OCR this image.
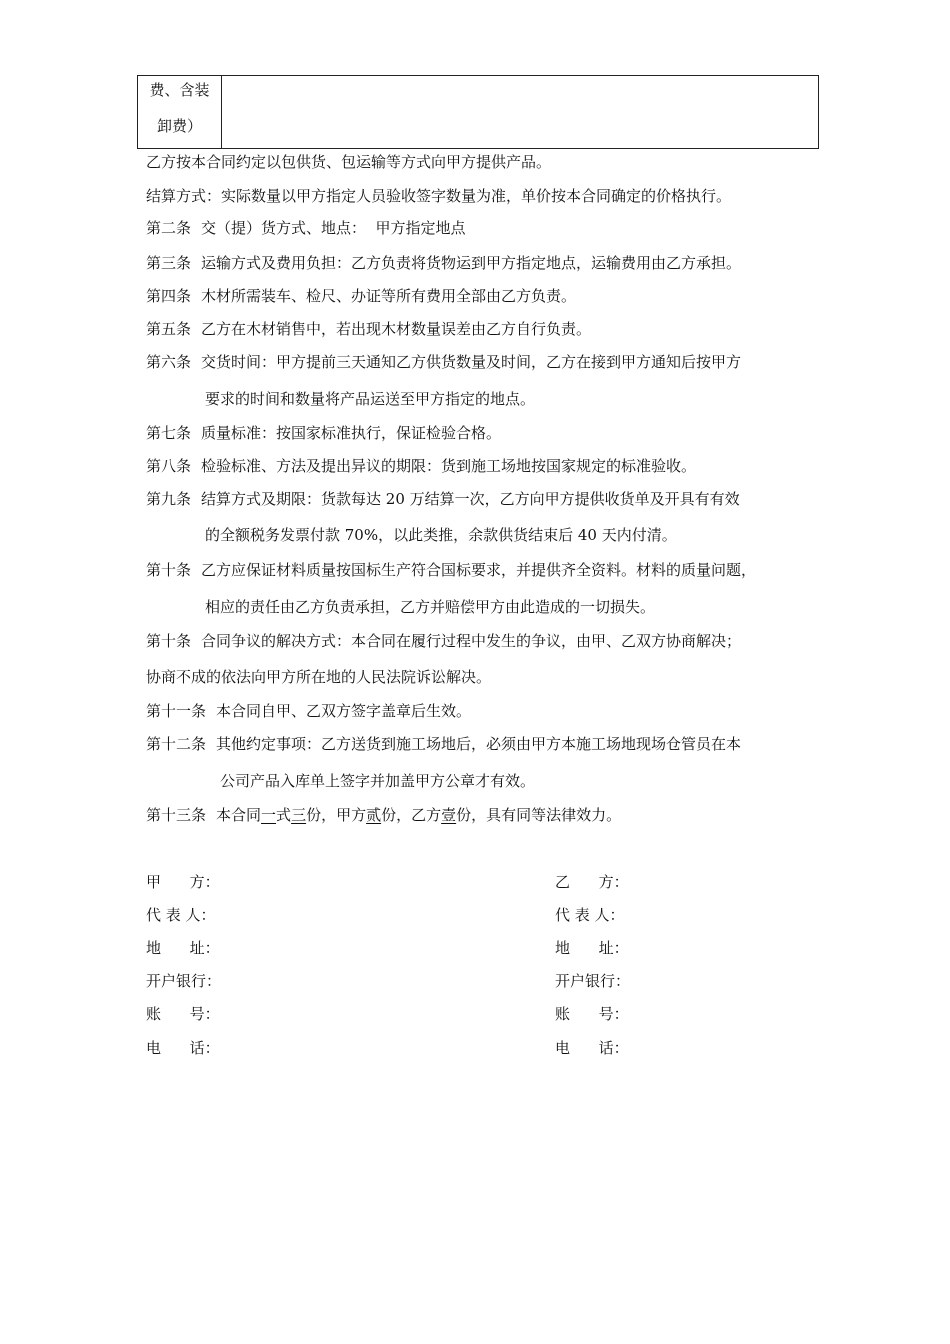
费、含装
卸费）
乙方按本合同约定以包供货、包运输等方式向甲方提供产品。
结算方式：实际数量以甲方指定人员验收签字数量为准，单价按本合同确定的价格执行。
第二条 交（提）货方式、地点：  甲方指定地点
第三条 运输方式及费用负担：乙方负责将货物运到甲方指定地点，运输费用由乙方承担。
第四条 木材所需装车、检尺、办证等所有费用全部由乙方负责。
第五条 乙方在木材销售中，若出现木材数量误差由乙方自行负责。
第六条 交货时间：甲方提前三天通知乙方供货数量及时间，乙方在接到甲方通知后按甲方
要求的时间和数量将产品运送至甲方指定的地点。
第七条 质量标准：按国家标准执行，保证检验合格。
第八条 检验标准、方法及提出异议的期限：货到施工场地按国家规定的标准验收。
第九条 结算方式及期限：货款每达 20 万结算一次，乙方向甲方提供收货单及开具有有效
的全额税务发票付款 70%，以此类推，余款供货结束后 40 天内付清。
第十条 乙方应保证材料质量按国标生产符合国标要求，并提供齐全资料。材料的质量问题，
相应的责任由乙方负责承担，乙方并赔偿甲方由此造成的一切损失。
第十条 合同争议的解决方式：本合同在履行过程中发生的争议，由甲、乙双方协商解决；
协商不成的依法向甲方所在地的人民法院诉讼解决。
第十一条 本合同自甲、乙双方签字盖章后生效。
第十二条 其他约定事项：乙方送货到施工场地后，必须由甲方本施工场地现场仓管员在本
公司产品入库单上签字并加盖甲方公章才有效。
第十三条 本合同一式三份，甲方贰份，乙方壹份，具有同等法律效力。
甲      方：
代 表 人：
地      址：
开户银行：
账      号：
电      话：
乙      方：
代 表 人：
地      址：
开户银行：
账      号：
电      话：
